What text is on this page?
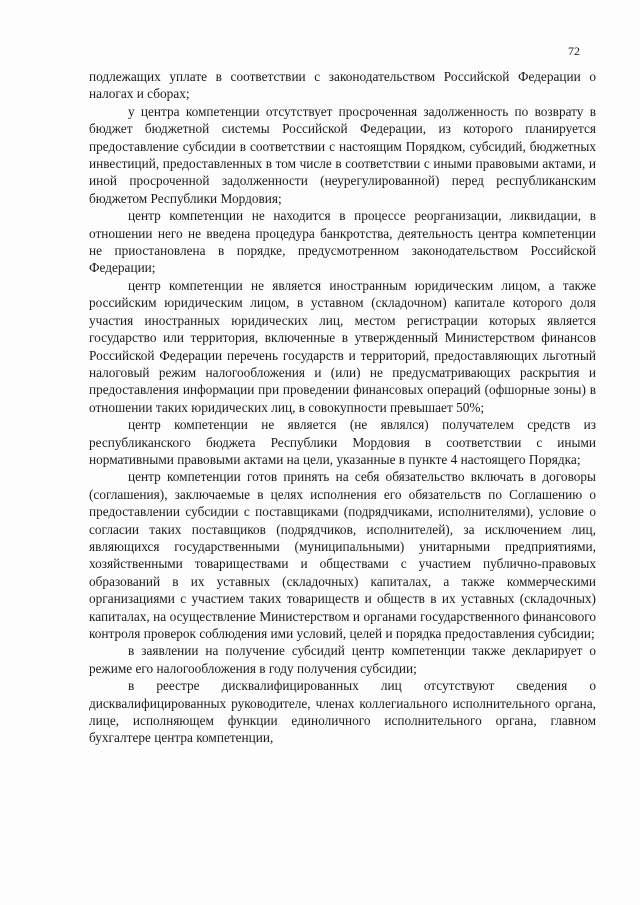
72

подлежащих уплате в соответствии с законодательством Российской Федерации о налогах и сборах;

у центра компетенции отсутствует просроченная задолженность по возврату в бюджет бюджетной системы Российской Федерации, из которого планируется предоставление субсидии в соответствии с настоящим Порядком, субсидий, бюджетных инвестиций, предоставленных в том числе в соответствии с иными правовыми актами, и иной просроченной задолженности (неурегулированной) перед республиканским бюджетом Республики Мордовия;

центр компетенции не находится в процессе реорганизации, ликвидации, в отношении него не введена процедура банкротства, деятельность центра компетенции не приостановлена в порядке, предусмотренном законодательством Российской Федерации;

центр компетенции не является иностранным юридическим лицом, а также российским юридическим лицом, в уставном (складочном) капитале которого доля участия иностранных юридических лиц, местом регистрации которых является государство или территория, включенные в утвержденный Министерством финансов Российской Федерации перечень государств и территорий, предоставляющих льготный налоговый режим налогообложения и (или) не предусматривающих раскрытия и предоставления информации при проведении финансовых операций (офшорные зоны) в отношении таких юридических лиц, в совокупности превышает 50%;

центр компетенции не является (не являлся) получателем средств из республиканского бюджета Республики Мордовия в соответствии с иными нормативными правовыми актами на цели, указанные в пункте 4 настоящего Порядка;

центр компетенции готов принять на себя обязательство включать в договоры (соглашения), заключаемые в целях исполнения его обязательств по Соглашению о предоставлении субсидии с поставщиками (подрядчиками, исполнителями), условие о согласии таких поставщиков (подрядчиков, исполнителей), за исключением лиц, являющихся государственными (муниципальными) унитарными предприятиями, хозяйственными товариществами и обществами с участием публично-правовых образований в их уставных (складочных) капиталах, а также коммерческими организациями с участием таких товариществ и обществ в их уставных (складочных) капиталах, на осуществление Министерством и органами государственного финансового контроля проверок соблюдения ими условий, целей и порядка предоставления субсидии;

в заявлении на получение субсидий центр компетенции также декларирует о режиме его налогообложения в году получения субсидии;

в реестре дисквалифицированных лиц отсутствуют сведения о дисквалифицированных руководителе, членах коллегиального исполнительного органа, лице, исполняющем функции единоличного исполнительного органа, главном бухгалтере центра компетенции,
